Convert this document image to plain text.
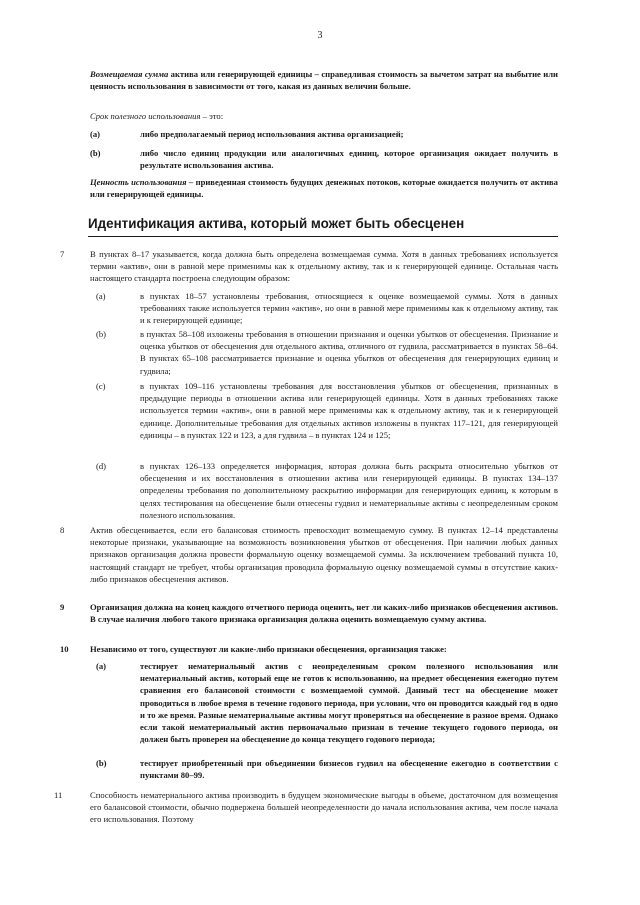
3
Возмещаемая сумма актива или генерирующей единицы – справедливая стоимость за вычетом затрат на выбытие или ценность использования в зависимости от того, какая из данных величин больше.
Срок полезного использования – это:
(a)	либо предполагаемый период использования актива организацией;
(b)	либо число единиц продукции или аналогичных единиц, которое организация ожидает получить в результате использования актива.
Ценность использования – приведенная стоимость будущих денежных потоков, которые ожидается получить от актива или генерирующей единицы.
Идентификация актива, который может быть обесценен
7	В пунктах 8–17 указывается, когда должна быть определена возмещаемая сумма. Хотя в данных требованиях используется термин «актив», они в равной мере применимы как к отдельному активу, так и к генерирующей единице. Остальная часть настоящего стандарта построена следующим образом:
(a)	в пунктах 18–57 установлены требования, относящиеся к оценке возмещаемой суммы. Хотя в данных требованиях также используется термин «актив», но они в равной мере применимы как к отдельному активу, так и к генерирующей единице;
(b)	в пунктах 58–108 изложены требования в отношении признания и оценки убытков от обесценения. Признание и оценка убытков от обесценения для отдельного актива, отличного от гудвила, рассматривается в пунктах 58–64. В пунктах 65–108 рассматривается признание и оценка убытков от обесценения для генерирующих единиц и гудвила;
(c)	в пунктах 109–116 установлены требования для восстановления убытков от обесценения, признанных в предыдущие периоды в отношении актива или генерирующей единицы. Хотя в данных требованиях также используется термин «актив», они в равной мере применимы как к отдельному активу, так и к генерирующей единице. Дополнительные требования для отдельных активов изложены в пунктах 117–121, для генерирующей единицы – в пунктах 122 и 123, а для гудвила – в пунктах 124 и 125;
(d)	в пунктах 126–133 определяется информация, которая должна быть раскрыта относительно убытков от обесценения и их восстановления в отношении актива или генерирующей единицы. В пунктах 134–137 определены требования по дополнительному раскрытию информации для генерирующих единиц, к которым в целях тестирования на обесценение были отнесены гудвил и нематериальные активы с неопределенным сроком полезного использования.
8	Актив обесценивается, если его балансовая стоимость превосходит возмещаемую сумму. В пунктах 12–14 представлены некоторые признаки, указывающие на возможность возникновения убытков от обесценения. При наличии любых данных признаков организация должна провести формальную оценку возмещаемой суммы. За исключением требований пункта 10, настоящий стандарт не требует, чтобы организация проводила формальную оценку возмещаемой суммы в отсутствие каких-либо признаков обесценения активов.
9	Организация должна на конец каждого отчетного периода оценить, нет ли каких-либо признаков обесценения активов. В случае наличия любого такого признака организация должна оценить возмещаемую сумму актива.
10 Независимо от того, существуют ли какие-либо признаки обесценения, организация также:
(a)	тестирует нематериальный актив с неопределенным сроком полезного использования или нематериальный актив, который еще не готов к использованию, на предмет обесценения ежегодно путем сравнения его балансовой стоимости с возмещаемой суммой. Данный тест на обесценение может проводиться в любое время в течение годового периода, при условии, что он проводится каждый год в одно и то же время. Разные нематериальные активы могут проверяться на обесценение в разное время. Однако если такой нематериальный актив первоначально признан в течение текущего годового периода, он должен быть проверен на обесценение до конца текущего годового периода;
(b)	тестирует приобретенный при объединении бизнесов гудвил на обесценение ежегодно в соответствии с пунктами 80–99.
11	Способность нематериального актива производить в будущем экономические выгоды в объеме, достаточном для возмещения его балансовой стоимости, обычно подвержена большей неопределенности до начала использования актива, чем после начала его использования. Поэтому
